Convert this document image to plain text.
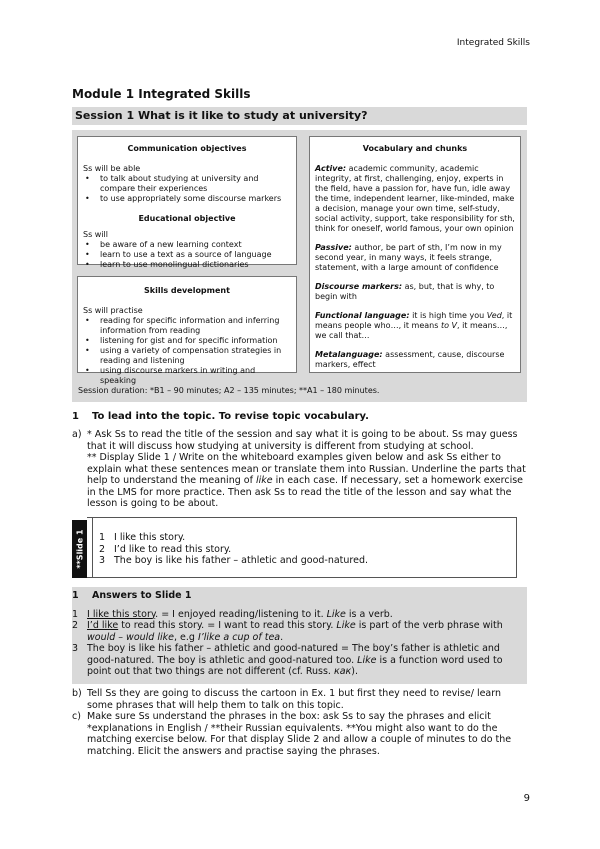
Integrated Skills
Module 1 Integrated Skills
Session 1 What is it like to study at university?
Communication objectives
Ss will be able
• to talk about studying at university and compare their experiences
• to use appropriately some discourse markers
Educational objective
Ss will
• be aware of a new learning context
• learn to use a text as a source of language
• learn to use monolingual dictionaries
Skills development
Ss will practise
• reading for specific information and inferring information from reading
• listening for gist and for specific information
• using a variety of compensation strategies in reading and listening
• using discourse markers in writing and speaking
Vocabulary and chunks

Active: academic community, academic integrity, at first, challenging, enjoy, experts in the field, have a passion for, have fun, idle away the time, independent learner, like-minded, make a decision, manage your own time, self-study, social activity, support, take responsibility for sth, think for oneself, world famous, your own opinion

Passive: author, be part of sth, I’m now in my second year, in many ways, it feels strange, statement, with a large amount of confidence

Discourse markers: as, but, that is why, to begin with

Functional language: it is high time you Ved, it means people who…, it means to V, it means…, we call that…

Metalanguage: assessment, cause, discourse markers, effect

Session duration: *B1 – 90 minutes; A2 – 135 minutes; **A1 – 180 minutes.
1 To lead into the topic. To revise topic vocabulary.
a) * Ask Ss to read the title of the session and say what it is going to be about. Ss may guess that it will discuss how studying at university is different from studying at school.
** Display Slide 1 / Write on the whiteboard examples given below and ask Ss either to explain what these sentences mean or translate them into Russian. Underline the parts that help to understand the meaning of like in each case. If necessary, set a homework exercise in the LMS for more practice. Then ask Ss to read the title of the lesson and say what the lesson is going to be about.
**Slide 1 1 I like this story.
2 I’d like to read this story.
3 The boy is like his father – athletic and good-natured.
1 Answers to Slide 1
1 I like this story. = I enjoyed reading/listening to it. Like is a verb.
2 I’d like to read this story. = I want to read this story. Like is part of the verb phrase with would – would like, e.g I’like a cup of tea.
3 The boy is like his father – athletic and good-natured = The boy’s father is athletic and good-natured. The boy is athletic and good-natured too. Like is a function word used to point out that two things are not different (cf. Russ. как).
b) Tell Ss they are going to discuss the cartoon in Ex. 1 but first they need to revise/ learn some phrases that will help them to talk on this topic.
c) Make sure Ss understand the phrases in the box: ask Ss to say the phrases and elicit *explanations in English / **their Russian equivalents. **You might also want to do the matching exercise below. For that display Slide 2 and allow a couple of minutes to do the matching. Elicit the answers and practise saying the phrases.
9
